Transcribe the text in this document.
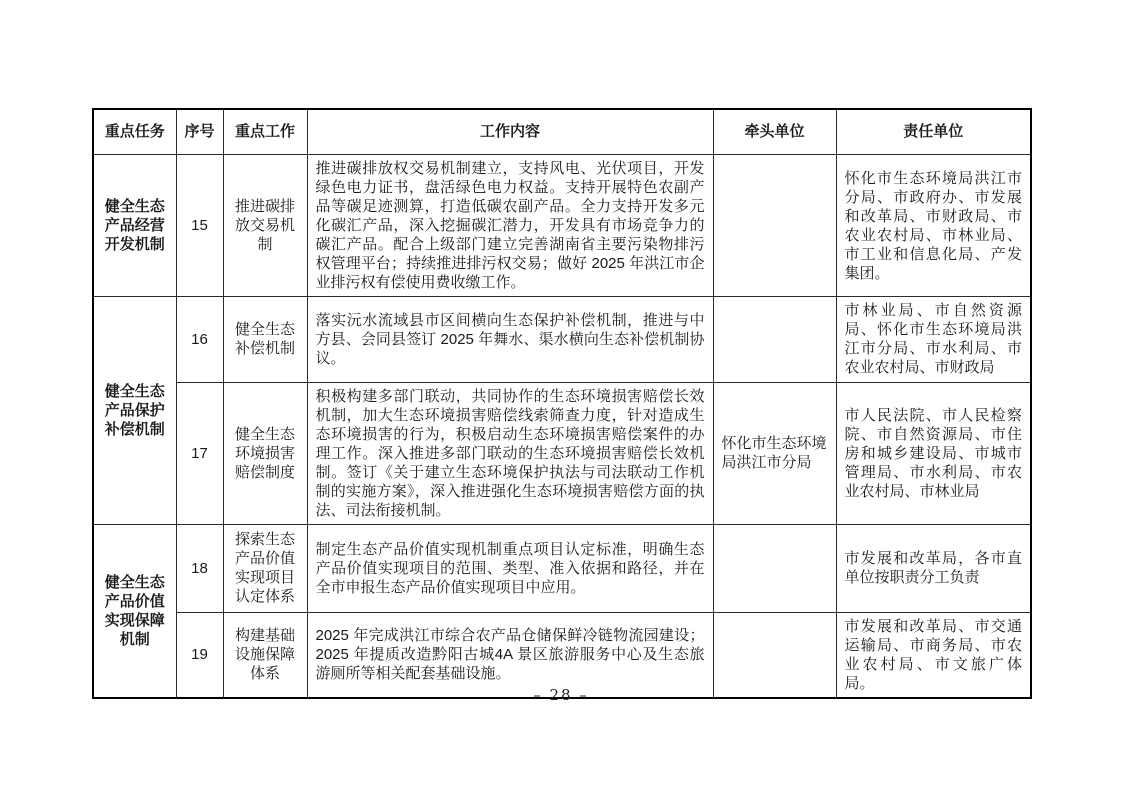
重点任务	序号	重点工作	工作内容	牵头单位	责任单位
健全生态产品经营开发机制	15	推进碳排放交易机制	推进碳排放权交易机制建立，支持风电、光伏项目，开发绿色电力证书，盘活绿色电力权益。支持开展特色农副产品等碳足迹测算，打造低碳农副产品。全力支持开发多元化碳汇产品，深入挖掘碳汇潜力，开发具有市场竞争力的碳汇产品。配合上级部门建立完善湖南省主要污染物排污权管理平台；持续推进排污权交易；做好 2025 年洪江市企业排污权有偿使用费收缴工作。		怀化市生态环境局洪江市分局、市政府办、市发展和改革局、市财政局、市农业农村局、市林业局、市工业和信息化局、产发集团。
健全生态产品保护补偿机制	16	健全生态补偿机制	落实沅水流域县市区间横向生态保护补偿机制，推进与中方县、会同县签订 2025 年舞水、渠水横向生态补偿机制协议。		市林业局、市自然资源局、怀化市生态环境局洪江市分局、市水利局、市农业农村局、市财政局
	17	健全生态环境损害赔偿制度	积极构建多部门联动，共同协作的生态环境损害赔偿长效机制，加大生态环境损害赔偿线索筛查力度，针对造成生态环境损害的行为，积极启动生态环境损害赔偿案件的办理工作。深入推进多部门联动的生态环境损害赔偿长效机制。签订《关于建立生态环境保护执法与司法联动工作机制的实施方案》，深入推进强化生态环境损害赔偿方面的执法、司法衔接机制。	怀化市生态环境局洪江市分局	市人民法院、市人民检察院、市自然资源局、市住房和城乡建设局、市城市管理局、市水利局、市农业农村局、市林业局
健全生态产品价值实现保障机制	18	探索生态产品价值实现项目认定体系	制定生态产品价值实现机制重点项目认定标准，明确生态产品价值实现项目的范围、类型、准入依据和路径，并在全市申报生态产品价值实现项目中应用。		市发展和改革局，各市直单位按职责分工负责
	19	构建基础设施保障体系	2025 年完成洪江市综合农产品仓储保鲜冷链物流园建设；2025 年提质改造黔阳古城4A 景区旅游服务中心及生态旅游厕所等相关配套基础设施。		市发展和改革局、市交通运输局、市商务局、市农业农村局、市文旅广体局。
– 28 –
